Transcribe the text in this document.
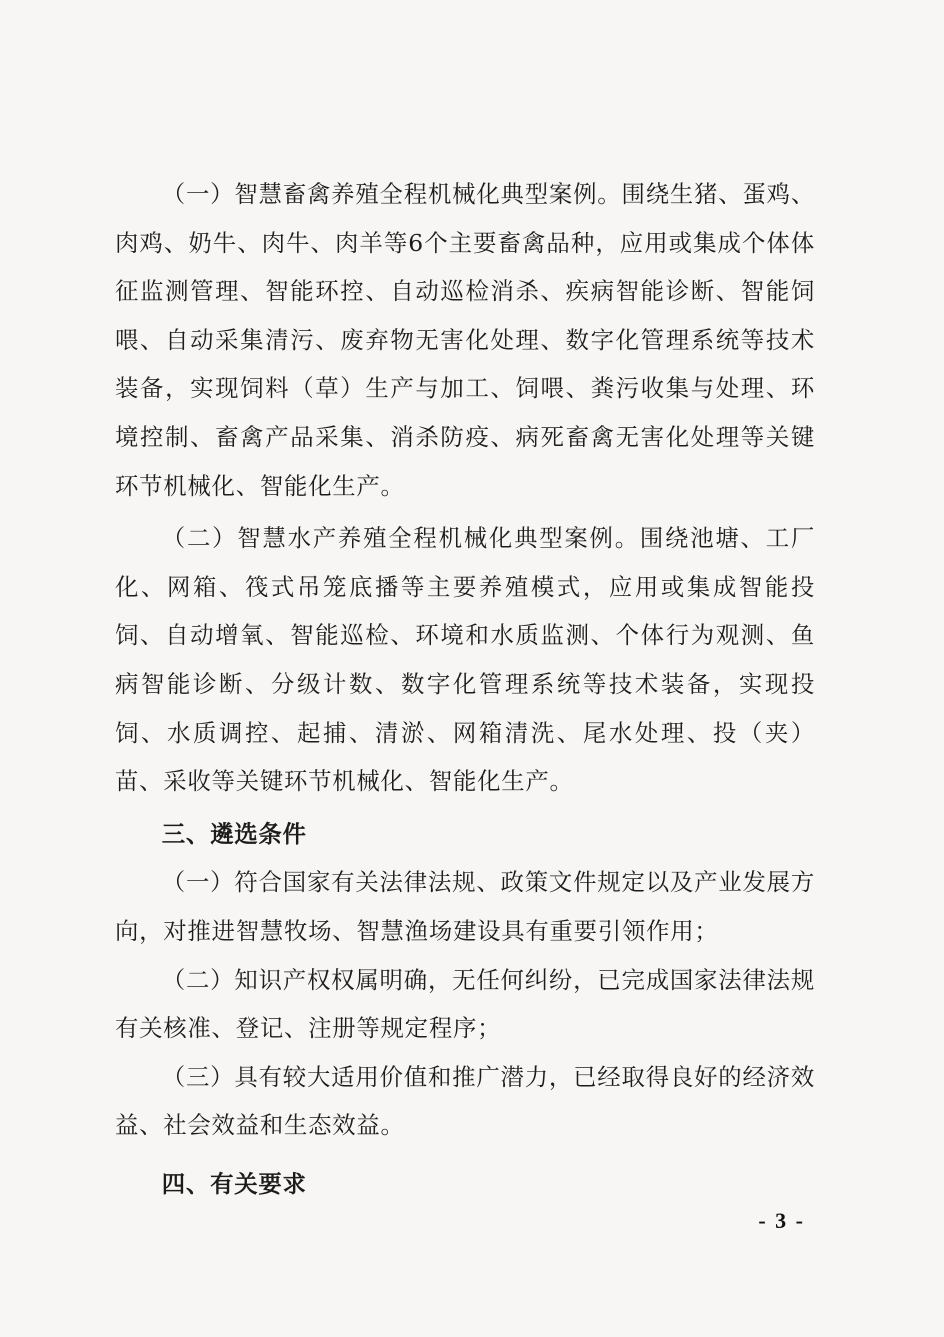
（一）智慧畜禽养殖全程机械化典型案例。围绕生猪、蛋鸡、肉鸡、奶牛、肉牛、肉羊等6个主要畜禽品种，应用或集成个体体征监测管理、智能环控、自动巡检消杀、疾病智能诊断、智能饲喂、自动采集清污、废弃物无害化处理、数字化管理系统等技术装备，实现饲料（草）生产与加工、饲喂、粪污收集与处理、环境控制、畜禽产品采集、消杀防疫、病死畜禽无害化处理等关键环节机械化、智能化生产。

（二）智慧水产养殖全程机械化典型案例。围绕池塘、工厂化、网箱、筏式吊笼底播等主要养殖模式，应用或集成智能投饲、自动增氧、智能巡检、环境和水质监测、个体行为观测、鱼病智能诊断、分级计数、数字化管理系统等技术装备，实现投饲、水质调控、起捕、清淤、网箱清洗、尾水处理、投（夹）苗、采收等关键环节机械化、智能化生产。

三、遴选条件

（一）符合国家有关法律法规、政策文件规定以及产业发展方向，对推进智慧牧场、智慧渔场建设具有重要引领作用；

（二）知识产权权属明确，无任何纠纷，已完成国家法律法规有关核准、登记、注册等规定程序；

（三）具有较大适用价值和推广潜力，已经取得良好的经济效益、社会效益和生态效益。

四、有关要求
- 3 -
